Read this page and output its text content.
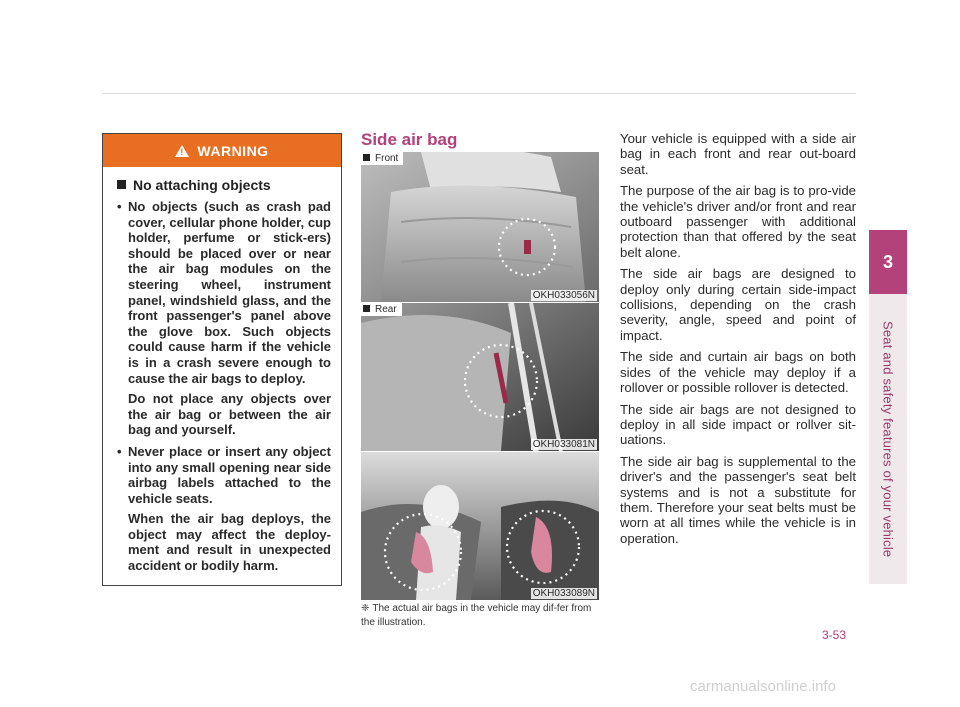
3
Seat and safety features of your vehicle
! WARNING
No attaching objects
• No objects (such as crash pad cover, cellular phone holder, cup holder, perfume or stick-ers) should be placed over or near the air bag modules on the steering wheel, instrument panel, windshield glass, and the front passenger's panel above the glove box. Such objects could cause harm if the vehicle is in a crash severe enough to cause the air bags to deploy.
Do not place any objects over the air bag or between the air bag and yourself.
• Never place or insert any object into any small opening near side airbag labels attached to the vehicle seats.
When the air bag deploys, the object may affect the deploy-ment and result in unexpected accident or bodily harm.
Side air bag
Front
OKH033056N
Rear
OKH033081N
OKH033089N
❈ The actual air bags in the vehicle may dif-fer from the illustration.

Your vehicle is equipped with a side air bag in each front and rear out-board seat.

The purpose of the air bag is to pro-vide the vehicle's driver and/or front and rear outboard passenger with additional protection than that offered by the seat belt alone.

The side air bags are designed to deploy only during certain side-impact collisions, depending on the crash severity, angle, speed and point of impact.

The side and curtain air bags on both sides of the vehicle may deploy if a rollover or possible rollover is detected.

The side air bags are not designed to deploy in all side impact or rollver sit-uations.

The side air bag is supplemental to the driver's and the passenger's seat belt systems and is not a substitute for them. Therefore your seat belts must be worn at all times while the vehicle is in operation.

3-53
carmanualsonline.info
